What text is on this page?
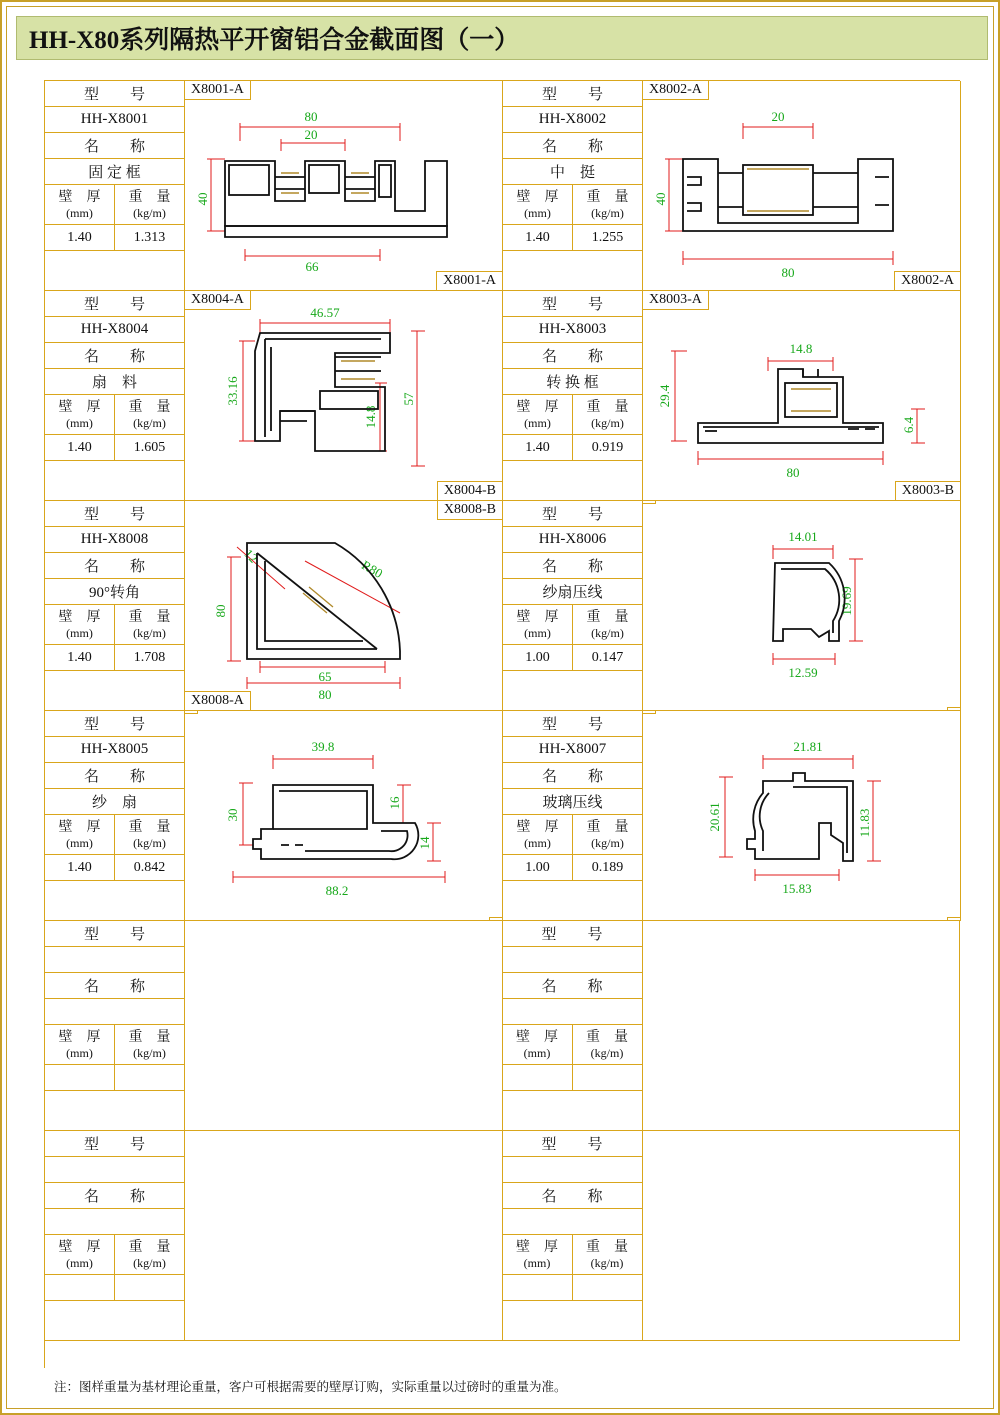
HH-X80系列隔热平开窗铝合金截面图（一）
型　号
HH-X8001
名　称
固 定 框
壁　厚
(mm)
重　量
(kg/m)
1.40	1.313
X8001-A
X8001-A
80
20
40
66
型　号
HH-X8002
名　称
中　挺
壁　厚
(mm)
重　量
(kg/m)
1.40	1.255
X8002-A
X8002-A
20
40
80
型　号
HH-X8004
名　称
扇　料
壁　厚
(mm)
重　量
(kg/m)
1.40	1.605
X8004-A
X8004-B
46.57
33.16
14.8
57
型　号
HH-X8003
名　称
转 换 框
壁　厚
(mm)
重　量
(kg/m)
1.40	0.919
X8003-A
X8003-B
14.8
29.4
6.4
80
型　号
HH-X8008
名　称
90°转角
壁　厚
(mm)
重　量
(kg/m)
1.40	1.708
X8008-B
X8008-A
12
R80
80
65
80
型　号
HH-X8006
名　称
纱扇压线
壁　厚
(mm)
重　量
(kg/m)
1.00	0.147
14.01
19.69
12.59
型　号
HH-X8005
名　称
纱　扇
壁　厚
(mm)
重　量
(kg/m)
1.40	0.842
39.8
30
16
14
88.2
型　号
HH-X8007
名　称
玻璃压线
壁　厚
(mm)
重　量
(kg/m)
1.00	0.189
21.81
20.61	11.83
15.83
型　号
名　称
壁　厚
(mm)
重　量
(kg/m)
型　号
名　称
壁　厚
(mm)
重　量
(kg/m)
型　号
名　称
壁　厚
(mm)
重　量
(kg/m)
型　号
名　称
壁　厚
(mm)
重　量
(kg/m)
注：图样重量为基材理论重量，客户可根据需要的壁厚订购，实际重量以过磅时的重量为准。
